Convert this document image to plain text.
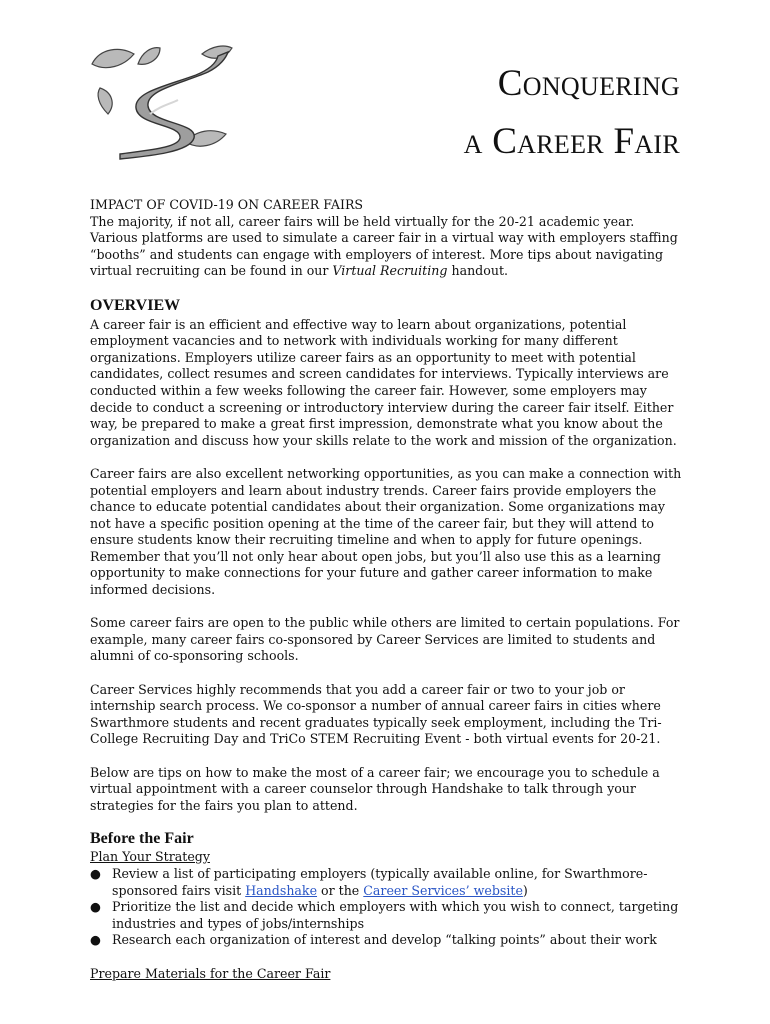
Conquering
a Career Fair

IMPACT OF COVID-19 ON CAREER FAIRS

The majority, if not all, career fairs will be held virtually for the 20-21 academic year. Various platforms are used to simulate a career fair in a virtual way with employers staffing “booths” and students can engage with employers of interest. More tips about navigating virtual recruiting can be found in our Virtual Recruiting handout.

OVERVIEW

A career fair is an efficient and effective way to learn about organizations, potential employment vacancies and to network with individuals working for many different organizations. Employers utilize career fairs as an opportunity to meet with potential candidates, collect resumes and screen candidates for interviews. Typically interviews are conducted within a few weeks following the career fair. However, some employers may decide to conduct a screening or introductory interview during the career fair itself. Either way, be prepared to make a great first impression, demonstrate what you know about the organization and discuss how your skills relate to the work and mission of the organization.

Career fairs are also excellent networking opportunities, as you can make a connection with potential employers and learn about industry trends. Career fairs provide employers the chance to educate potential candidates about their organization. Some organizations may not have a specific position opening at the time of the career fair, but they will attend to ensure students know their recruiting timeline and when to apply for future openings. Remember that you’ll not only hear about open jobs, but you’ll also use this as a learning opportunity to make connections for your future and gather career information to make informed decisions.

Some career fairs are open to the public while others are limited to certain populations. For example, many career fairs co-sponsored by Career Services are limited to students and alumni of co-sponsoring schools.

Career Services highly recommends that you add a career fair or two to your job or internship search process. We co-sponsor a number of annual career fairs in cities where Swarthmore students and recent graduates typically seek employment, including the Tri-College Recruiting Day and TriCo STEM Recruiting Event - both virtual events for 20-21.

Below are tips on how to make the most of a career fair; we encourage you to schedule a virtual appointment with a career counselor through Handshake to talk through your strategies for the fairs you plan to attend.

Before the Fair
Plan Your Strategy
● Review a list of participating employers (typically available online, for Swarthmore-sponsored fairs visit Handshake or the Career Services’ website)
● Prioritize the list and decide which employers with which you wish to connect, targeting industries and types of jobs/internships
● Research each organization of interest and develop “talking points” about their work
Prepare Materials for the Career Fair
